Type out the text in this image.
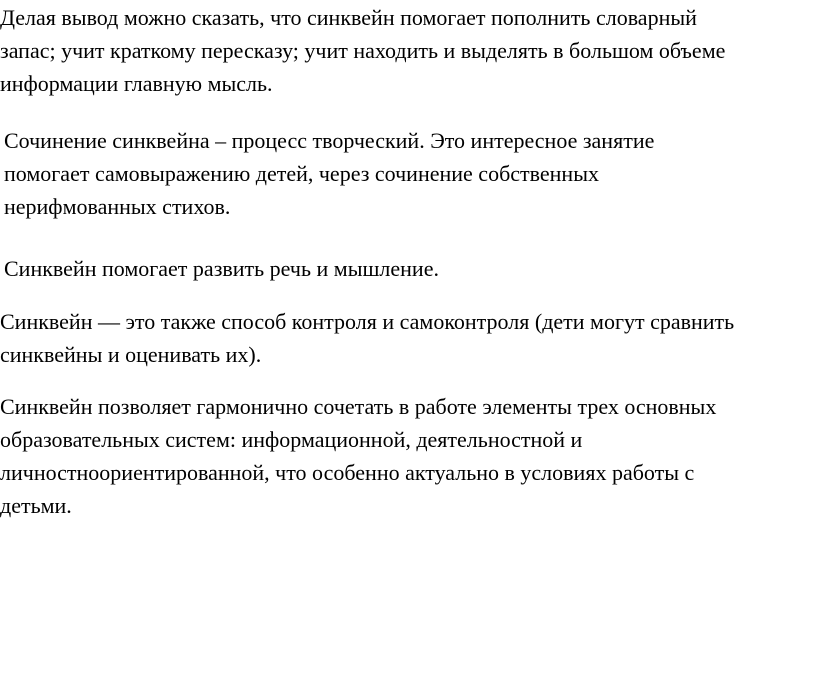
Делая вывод можно сказать, что синквейн помогает пополнить словарный
запас; учит краткому пересказу; учит находить и выделять в большом объеме
информации главную мысль.

Сочинение синквейна – процесс творческий. Это интересное занятие
помогает самовыражению детей, через сочинение собственных
нерифмованных стихов.

Синквейн помогает развить речь и мышление.

Синквейн — это также способ контроля и самоконтроля (дети могут сравнить
синквейны и оценивать их).

Синквейн позволяет гармонично сочетать в работе элементы трех основных
образовательных систем: информационной, деятельностной и
личностноориентированной, что особенно актуально в условиях работы с
детьми.
